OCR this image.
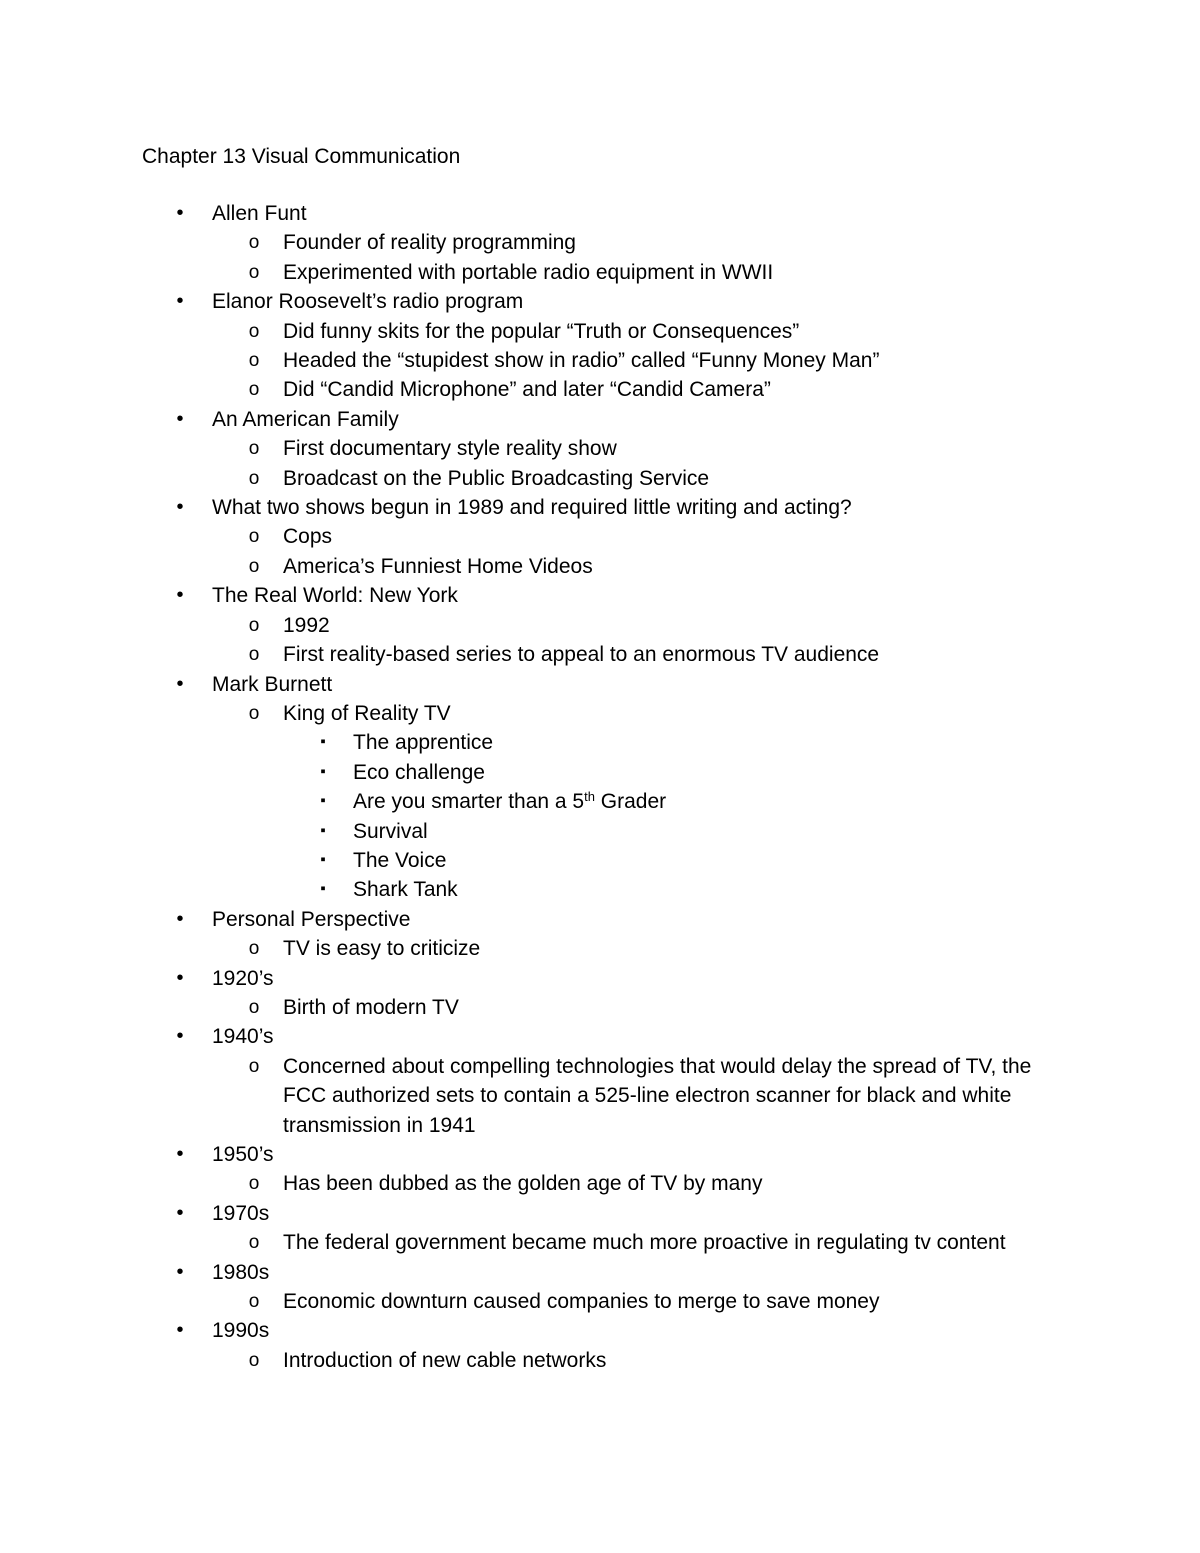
Chapter 13 Visual Communication
•	Allen Funt
o	Founder of reality programming
o	Experimented with portable radio equipment in WWII
•	Elanor Roosevelt’s radio program
o	Did funny skits for the popular “Truth or Consequences”
o	Headed the “stupidest show in radio” called “Funny Money Man”
o	Did “Candid Microphone” and later “Candid Camera”
•	An American Family
o	First documentary style reality show
o	Broadcast on the Public Broadcasting Service
•	What two shows begun in 1989 and required little writing and acting?
o	Cops
o	America’s Funniest Home Videos
•	The Real World: New York
o	1992
o	First reality-based series to appeal to an enormous TV audience
•	Mark Burnett
o	King of Reality TV
▪	The apprentice
▪	Eco challenge
▪	Are you smarter than a 5th Grader
▪	Survival
▪	The Voice
▪	Shark Tank
•	Personal Perspective
o	TV is easy to criticize
•	1920’s
o	Birth of modern TV
•	1940’s
o	Concerned about compelling technologies that would delay the spread of TV, the FCC authorized sets to contain a 525-line electron scanner for black and white transmission in 1941
•	1950’s
o	Has been dubbed as the golden age of TV by many
•	1970s
o	The federal government became much more proactive in regulating tv content
•	1980s
o	Economic downturn caused companies to merge to save money
•	1990s
o	Introduction of new cable networks
